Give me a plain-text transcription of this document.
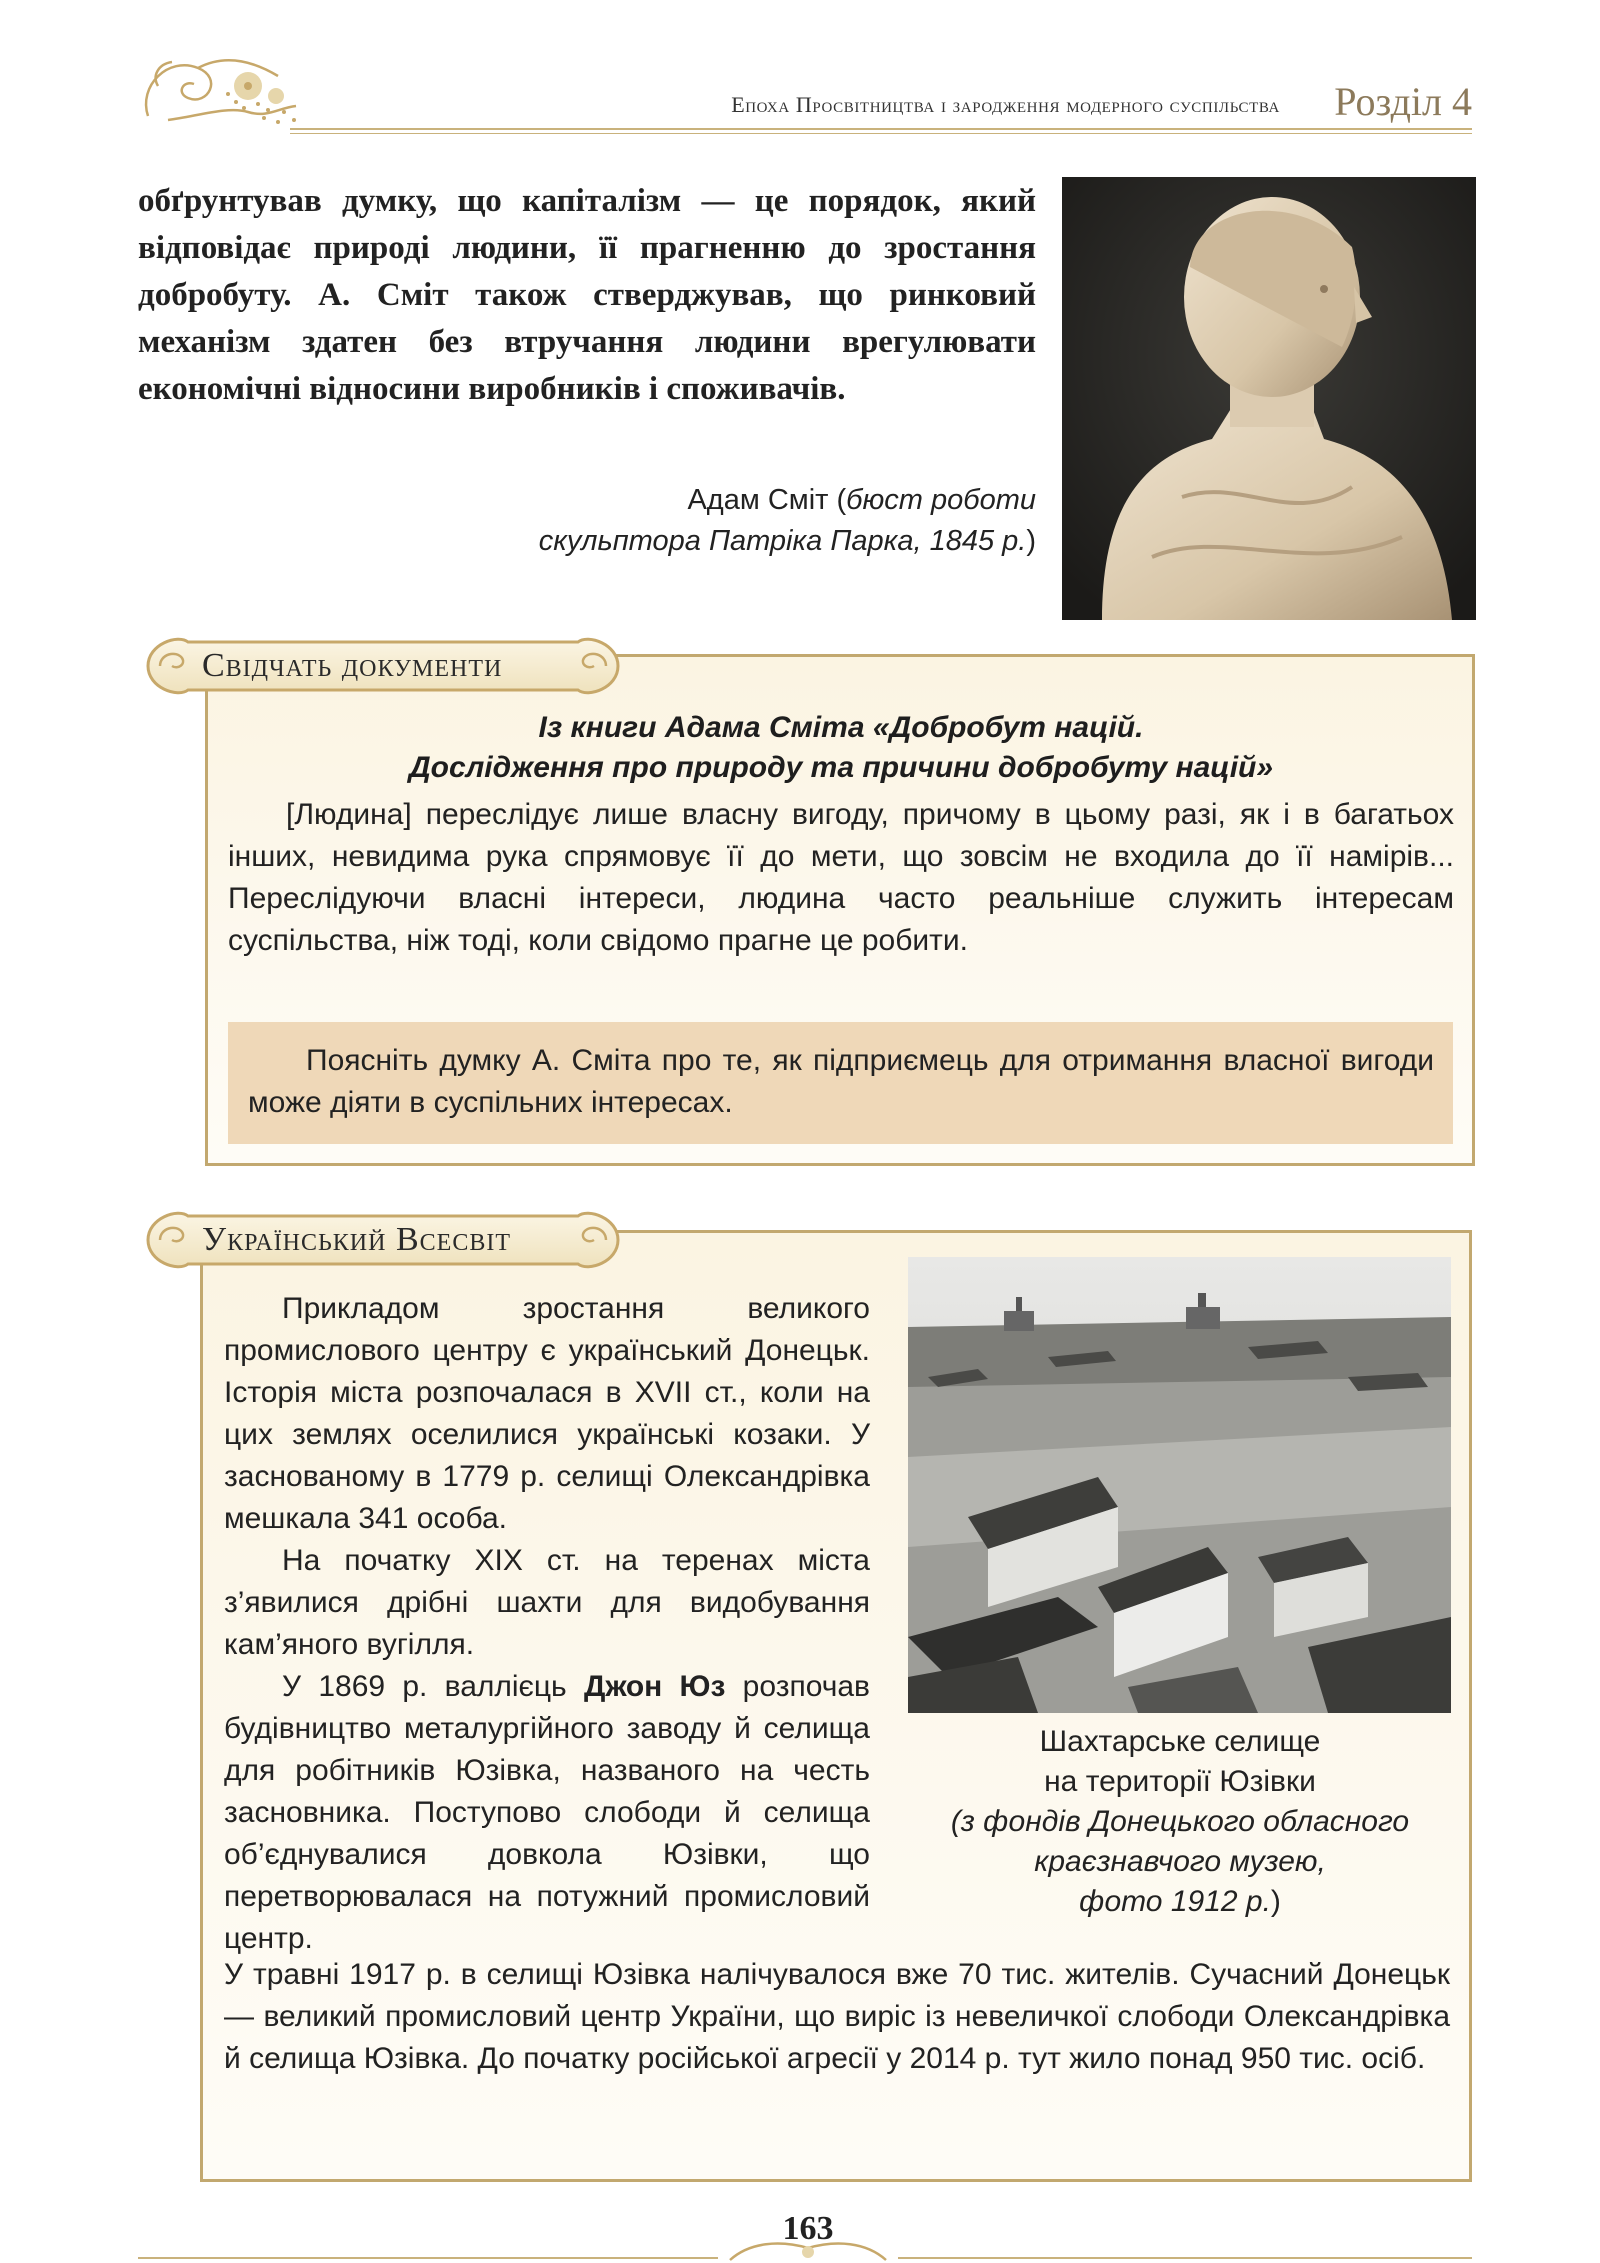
Епоха Просвітництва і зародження модерного суспільства	Розділ 4
обґрунтував думку, що капіталізм — це порядок, який відповідає природі людини, її прагненню до зростання добробуту. А. Сміт також стверджував, що ринковий механізм здатен без втручання людини врегулювати економічні відносини виробників і споживачів.
Адам Сміт (бюст роботи
скульптора Патріка Парка, 1845 р.)
Свідчать документи
Із книги Адама Сміта «Добробут націй.
Дослідження про природу та причини добробуту націй»

[Людина] переслідує лише власну вигоду, причому в цьому разі, як і в багатьох інших, невидима рука спрямовує її до мети, що зовсім не входила до її намірів... Переслідуючи власні інтереси, людина часто реальніше служить інтересам суспільства, ніж тоді, коли свідомо прагне це робити.

Поясніть думку А. Сміта про те, як підприємець для отримання власної вигоди може діяти в суспільних інтересах.

Український Всесвіт

Прикладом зростання великого промислового центру є український Донецьк. Історія міста розпочалася в XVII ст., коли на цих землях оселилися українські козаки. У заснованому в 1779 р. селищі Олександрівка мешкала 341 особа.

На початку XIX ст. на теренах міста з’явилися дрібні шахти для видобування кам’яного вугілля.

У 1869 р. валлієць Джон Юз розпочав будівництво металургійного заводу й селища для робітників Юзівка, названого на честь засновника. Поступово слободи й селища об’єднувалися довкола Юзівки, що перетворювалася на потужний промисловий центр.

Шахтарське селище
на території Юзівки
(з фондів Донецького обласного
краєзнавчого музею,
фото 1912 р.)

У травні 1917 р. в селищі Юзівка налічувалося вже 70 тис. жителів. Сучасний Донецьк — великий промисловий центр України, що виріс із невеличкої слободи Олександрівка й селища Юзівка. До початку російської агресії у 2014 р. тут жило понад 950 тис. осіб.

163
